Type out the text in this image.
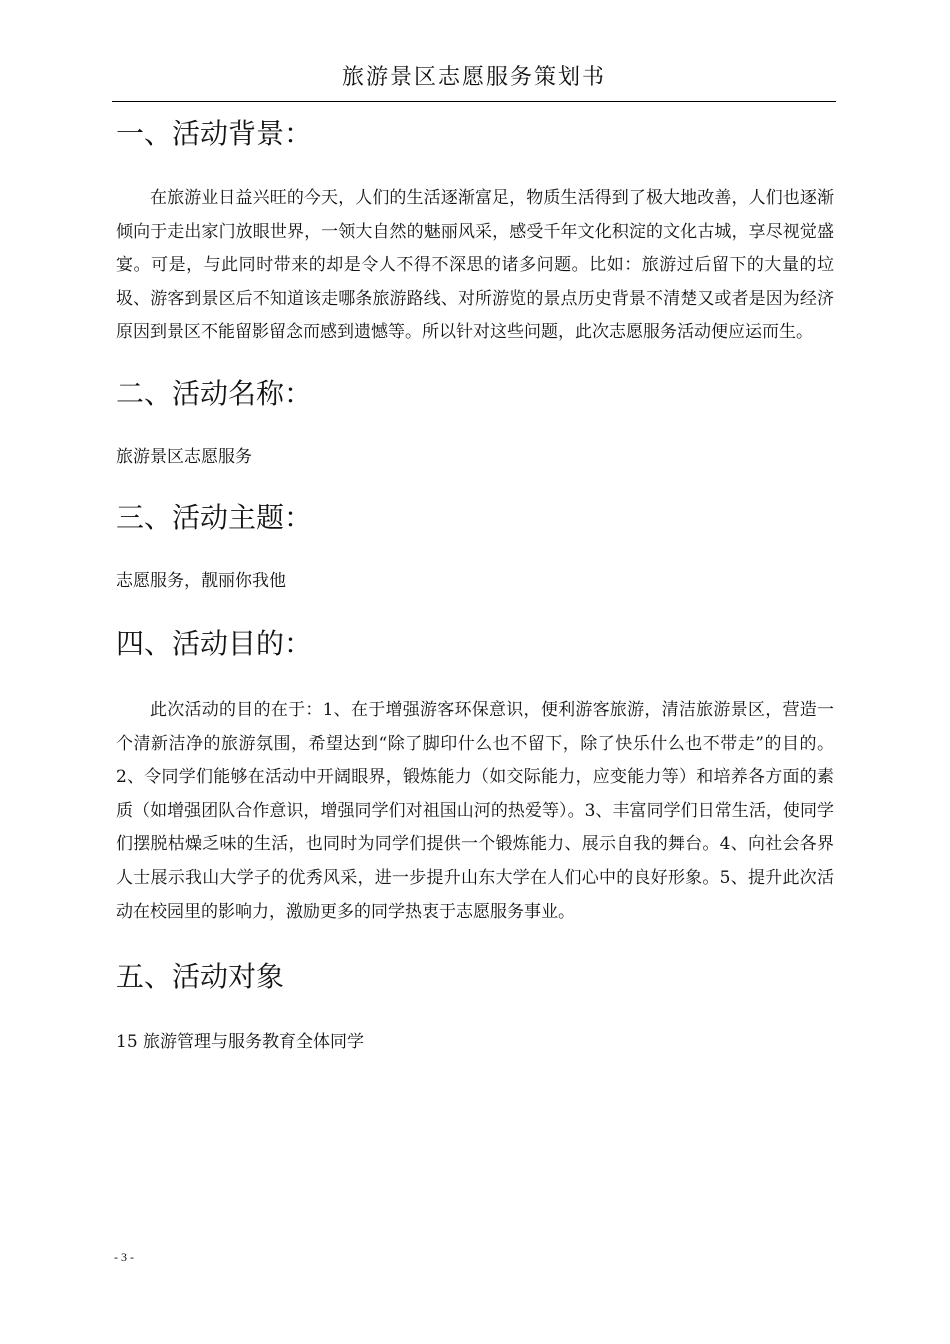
旅游景区志愿服务策划书
一、活动背景：

在旅游业日益兴旺的今天，人们的生活逐渐富足，物质生活得到了极大地改善，人们也逐渐倾向于走出家门放眼世界，一领大自然的魅丽风采，感受千年文化积淀的文化古城，享尽视觉盛宴。可是，与此同时带来的却是令人不得不深思的诸多问题。比如：旅游过后留下的大量的垃圾、游客到景区后不知道该走哪条旅游路线、对所游览的景点历史背景不清楚又或者是因为经济原因到景区不能留影留念而感到遗憾等。所以针对这些问题，此次志愿服务活动便应运而生。

二、活动名称：

旅游景区志愿服务

三、活动主题：

志愿服务，靓丽你我他

四、活动目的：

此次活动的目的在于：1、在于增强游客环保意识，便利游客旅游，清洁旅游景区，营造一个清新洁净的旅游氛围，希望达到“除了脚印什么也不留下，除了快乐什么也不带走”的目的。2、令同学们能够在活动中开阔眼界，锻炼能力（如交际能力，应变能力等）和培养各方面的素质（如增强团队合作意识，增强同学们对祖国山河的热爱等）。3、丰富同学们日常生活，使同学们摆脱枯燥乏味的生活，也同时为同学们提供一个锻炼能力、展示自我的舞台。4、向社会各界人士展示我山大学子的优秀风采，进一步提升山东大学在人们心中的良好形象。5、提升此次活动在校园里的影响力，激励更多的同学热衷于志愿服务事业。

五、活动对象

15 旅游管理与服务教育全体同学

- 3 -
